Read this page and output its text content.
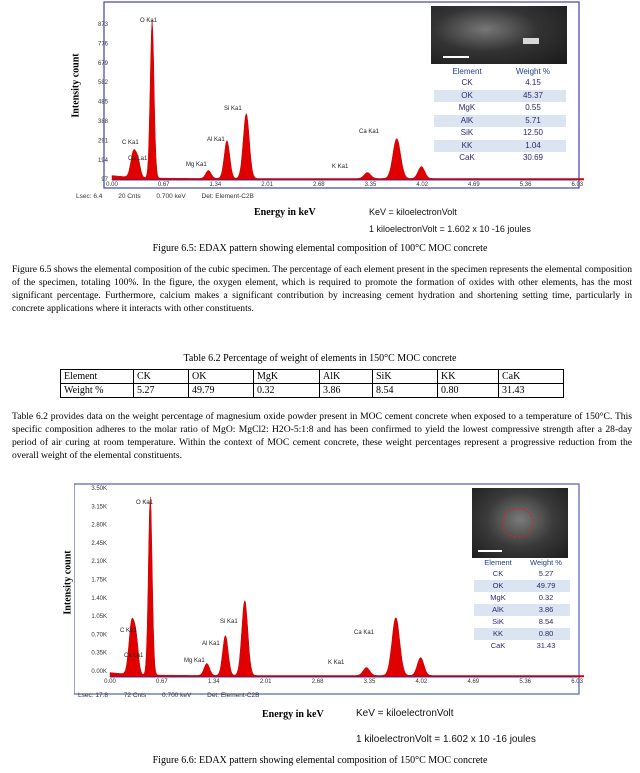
873
776
679
582
485
388
291
194
97
0.00	0.67	1.34	2.01	2.68	3.35	4.02	4.69	5.36	6.03
O Ka1
Si Ka1
Al Ka1
C Ka1
Ca La1
Mg Ka1	K Ka1
Ca Ka1
Intensity count
Lsec: 6.4 20 Cnts 0.700 keV Det: Element-C2B
Element	Weight %
CK	4.15
OK	45.37
MgK	0.55
AlK	5.71
SiK	12.50
KK	1.04
CaK	30.69
Energy in keV	KeV = kiloelectronVolt
1 kiloelectronVolt = 1.602 x 10 -16 joules
Figure 6.5: EDAX pattern showing elemental composition of 100°C MOC concrete

Figure 6.5 shows the elemental composition of the cubic specimen. The percentage of each element present in the specimen represents the elemental composition of the specimen, totaling 100%. In the figure, the oxygen element, which is required to promote the formation of oxides with other elements, has the most significant percentage. Furthermore, calcium makes a significant contribution by increasing cement hydration and shortening setting time, particularly in concrete applications where it interacts with other constituents.

Table 6.2 Percentage of weight of elements in 150°C MOC concrete
Element	CK	OK	MgK	AlK	SiK	KK	CaK
Weight %	5.27	49.79	0.32	3.86	8.54	0.80	31.43

Table 6.2 provides data on the weight percentage of magnesium oxide powder present in MOC cement concrete when exposed to a temperature of 150°C. This specific composition adheres to the molar ratio of MgO: MgCl2: H2O-5:1:8 and has been confirmed to yield the lowest compressive strength after a 28-day period of air curing at room temperature. Within the context of MOC cement concrete, these weight percentages represent a progressive reduction from the overall weight of the elemental constituents.

3.50K
3.15K
2.80K
2.45K
2.10K
1.75K
1.40K
1.05K
0.70K
0.35K
0.00K
0.00	0.67	1.34	2.01	2.68	3.35	4.02	4.69	5.36	6.03
O Ka1
Si Ka1
Al Ka1
C Ka1
Ca La1
Mg Ka1	K Ka1
Ca Ka1
Intensity count
Lsec: 17.8 72 Cnts 0.700 keV Det: Element-C2B
Element	Weight %
CK	5.27
OK	49.79
MgK	0.32
AlK	3.86
SiK	8.54
KK	0.80
CaK	31.43
Energy in keV	KeV = kiloelectronVolt
1 kiloelectronVolt = 1.602 x 10 -16 joules
Figure 6.6: EDAX pattern showing elemental composition of 150°C MOC concrete
